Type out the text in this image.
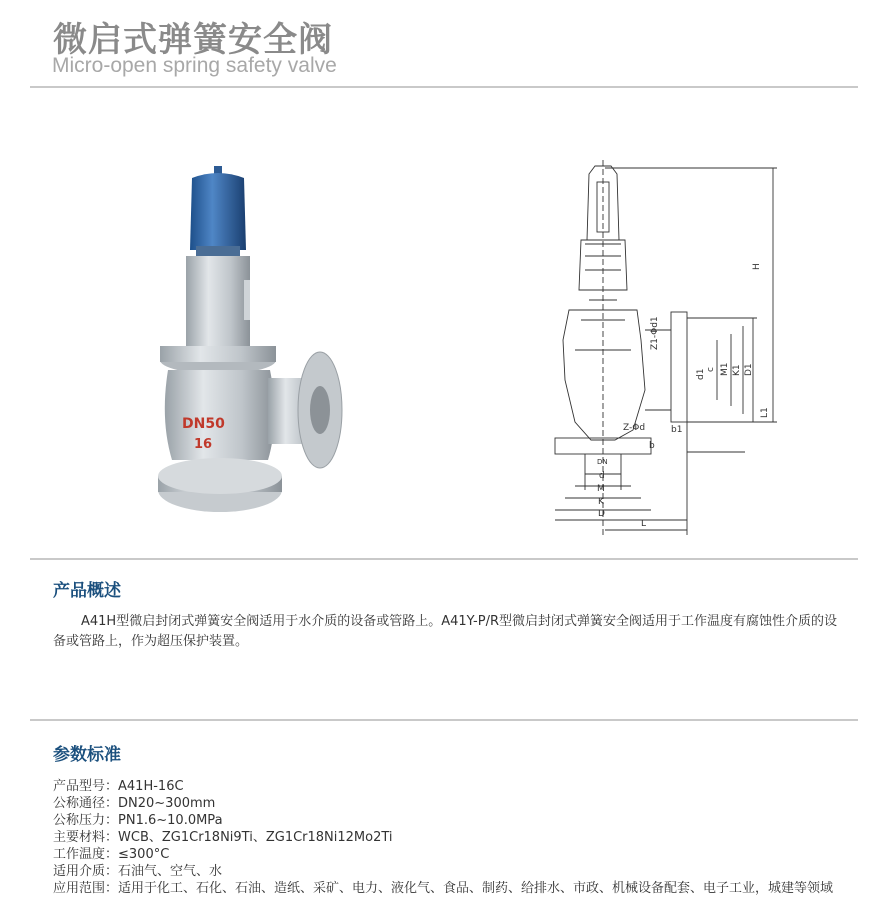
微启式弹簧安全阀
Micro-open spring safety valve
DN50
16
H
Z1-Φd1
Z-Φd
L1
b1
b
d1 c M1 K1 D1
DN
d
M
K
D
L
产品概述
A41H型微启封闭式弹簧安全阀适用于水介质的设备或管路上。A41Y-P/R型微启封闭式弹簧安全阀适用于工作温度有腐蚀性介质的设备或管路上，作为超压保护装置。
参数标准
产品型号：A41H-16C
公称通径：DN20~300mm
公称压力：PN1.6~10.0MPa
主要材料：WCB、ZG1Cr18Ni9Ti、ZG1Cr18Ni12Mo2Ti
工作温度：≤300°C
适用介质：石油气、空气、水
应用范围：适用于化工、石化、石油、造纸、采矿、电力、液化气、食品、制药、给排水、市政、机械设备配套、电子工业，城建等领域
